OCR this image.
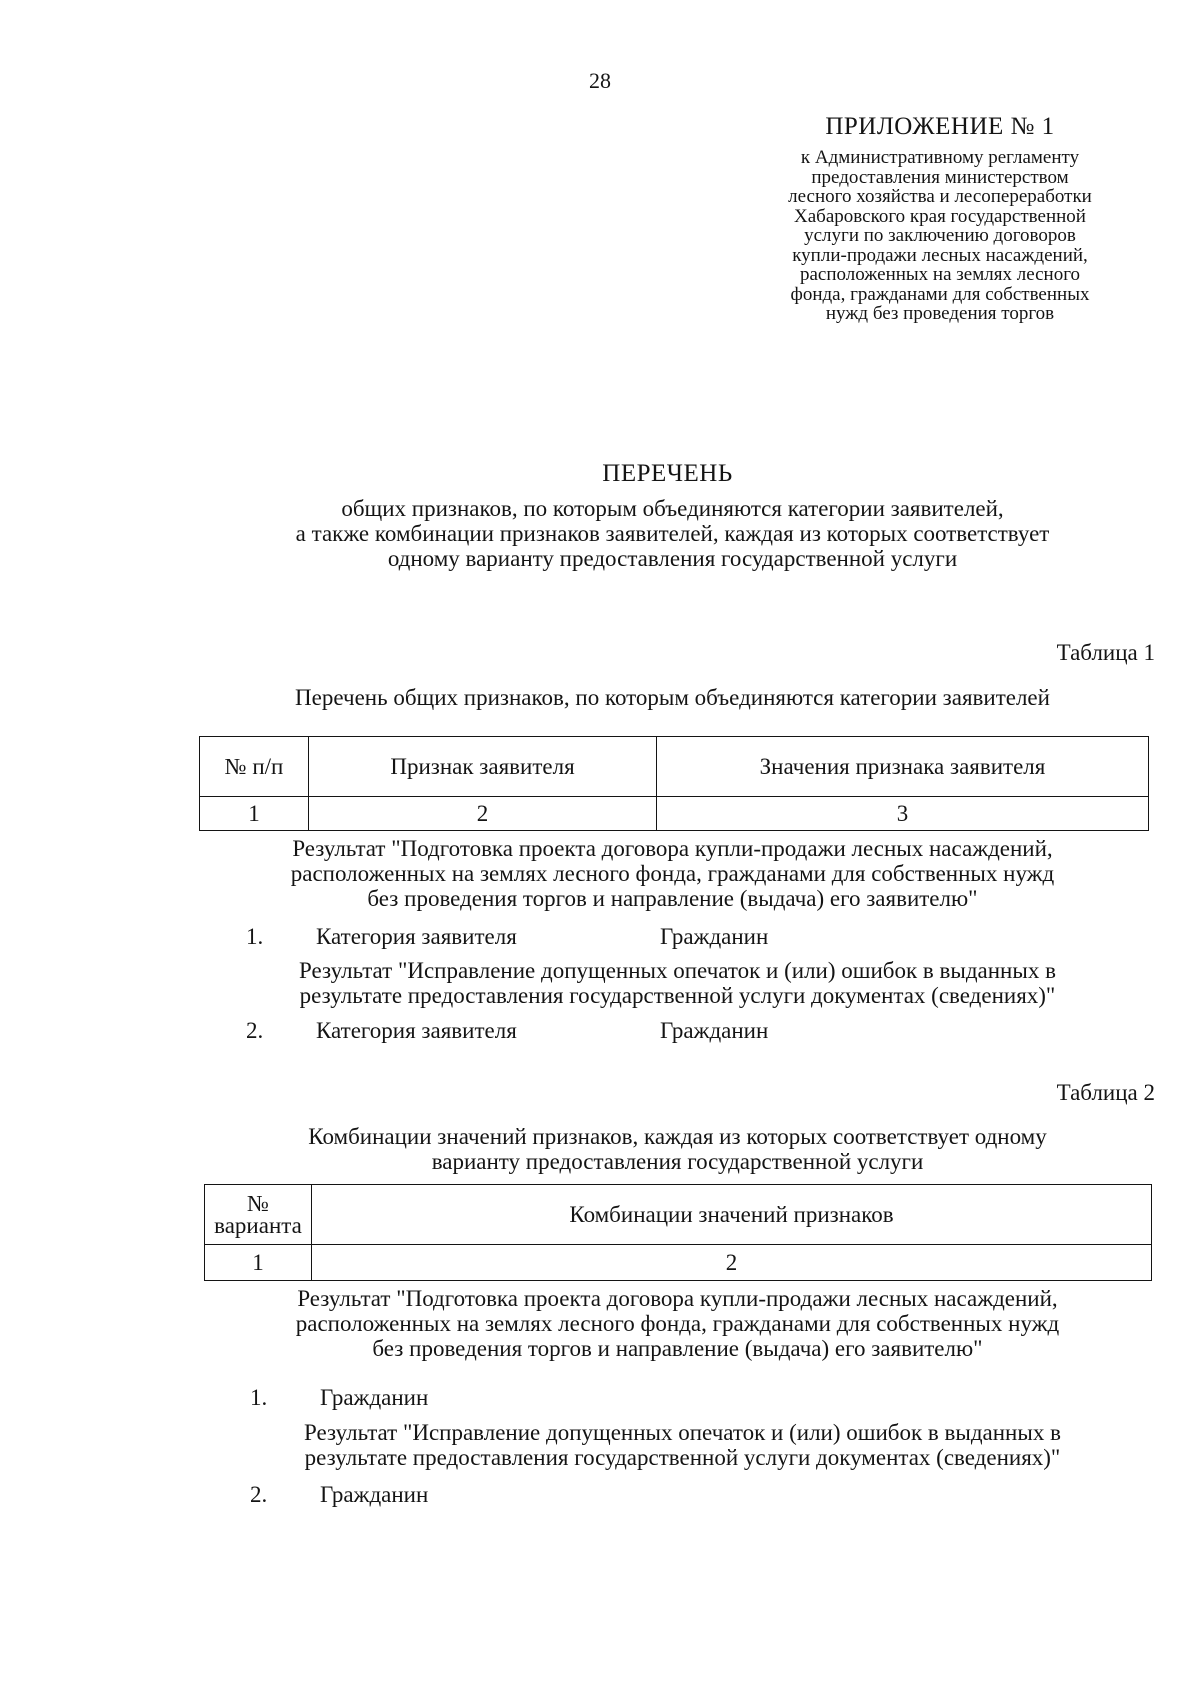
28
ПРИЛОЖЕНИЕ № 1
к Административному регламенту
предоставления министерством
лесного хозяйства и лесопереработки
Хабаровского края государственной
услуги по заключению договоров
купли-продажи лесных насаждений,
расположенных на землях лесного
фонда, гражданами для собственных
нужд без проведения торгов
ПЕРЕЧЕНЬ
общих признаков, по которым объединяются категории заявителей,
а также комбинации признаков заявителей, каждая из которых соответствует
одному варианту предоставления государственной услуги
Таблица 1
Перечень общих признаков, по которым объединяются категории заявителей
№ п/п	Признак заявителя	Значения признака заявителя
1	2	3
Результат "Подготовка проекта договора купли-продажи лесных насаждений,
расположенных на землях лесного фонда, гражданами для собственных нужд
без проведения торгов и направление (выдача) его заявителю"
1. Категория заявителя	Гражданин
Результат "Исправление допущенных опечаток и (или) ошибок в выданных в
результате предоставления государственной услуги документах (сведениях)"
2. Категория заявителя	Гражданин
Таблица 2
Комбинации значений признаков, каждая из которых соответствует одному
варианту предоставления государственной услуги
№ варианта	Комбинации значений признаков
1	2
Результат "Подготовка проекта договора купли-продажи лесных насаждений,
расположенных на землях лесного фонда, гражданами для собственных нужд
без проведения торгов и направление (выдача) его заявителю"
1. Гражданин
Результат "Исправление допущенных опечаток и (или) ошибок в выданных в
результате предоставления государственной услуги документах (сведениях)"
2. Гражданин
